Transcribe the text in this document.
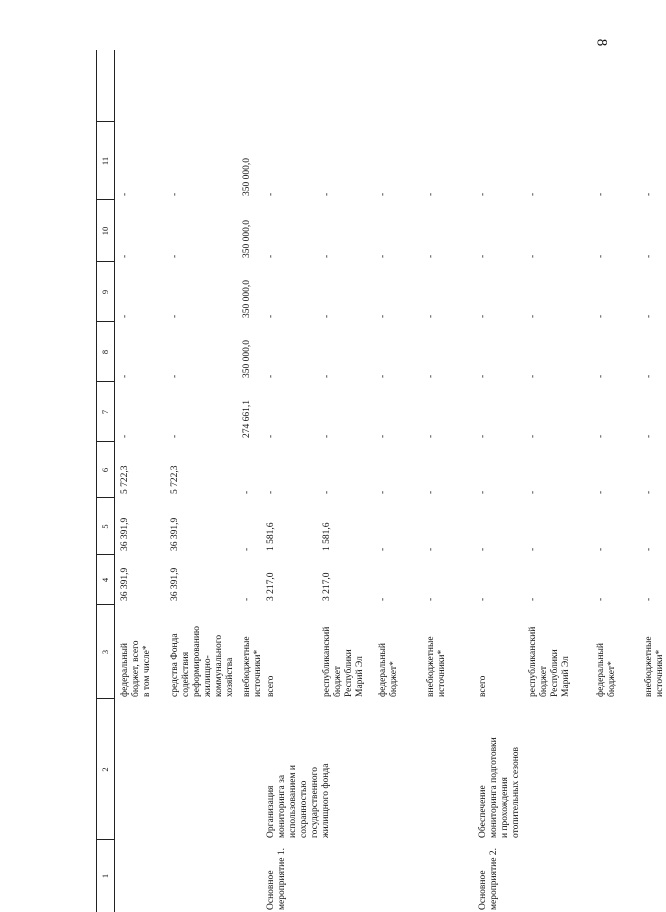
8
1
2
3
4
5
6
7
8
9
10
11
федеральный
бюджет, всего
в том числе*
36 391,9
36 391,9
5 722,3
-
-
-
-
-
средства Фонда
содействия
реформированию
жилищно-
коммунального
хозяйства
36 391,9
36 391,9
5 722,3
-
-
-
-
-
внебюджетные
источники*
-
-
-
274 661,1
350 000,0
350 000,0
350 000,0
350 000,0
Основное
мероприятие 1.
Организация
мониторинга за
использованием и
сохранностью
государственного
жилищного фонда
всего
3 217,0
1 581,6
-
-
-
-
-
-
республиканский
бюджет
Республики
Марий Эл
3 217,0
1 581,6
-
-
-
-
-
-
федеральный
бюджет*
-
-
-
-
-
-
-
-
внебюджетные
источники*
-
-
-
-
-
-
-
-
Основное
мероприятие 2.
Обеспечение
мониторинга подготовки
и прохождения
отопительных сезонов
всего
-
-
-
-
-
-
-
-
республиканский
бюджет
Республики
Марий Эл
-
-
-
-
-
-
-
-
федеральный
бюджет*
-
-
-
-
-
-
-
-
внебюджетные
источники*
-
-
-
-
-
-
-
-
